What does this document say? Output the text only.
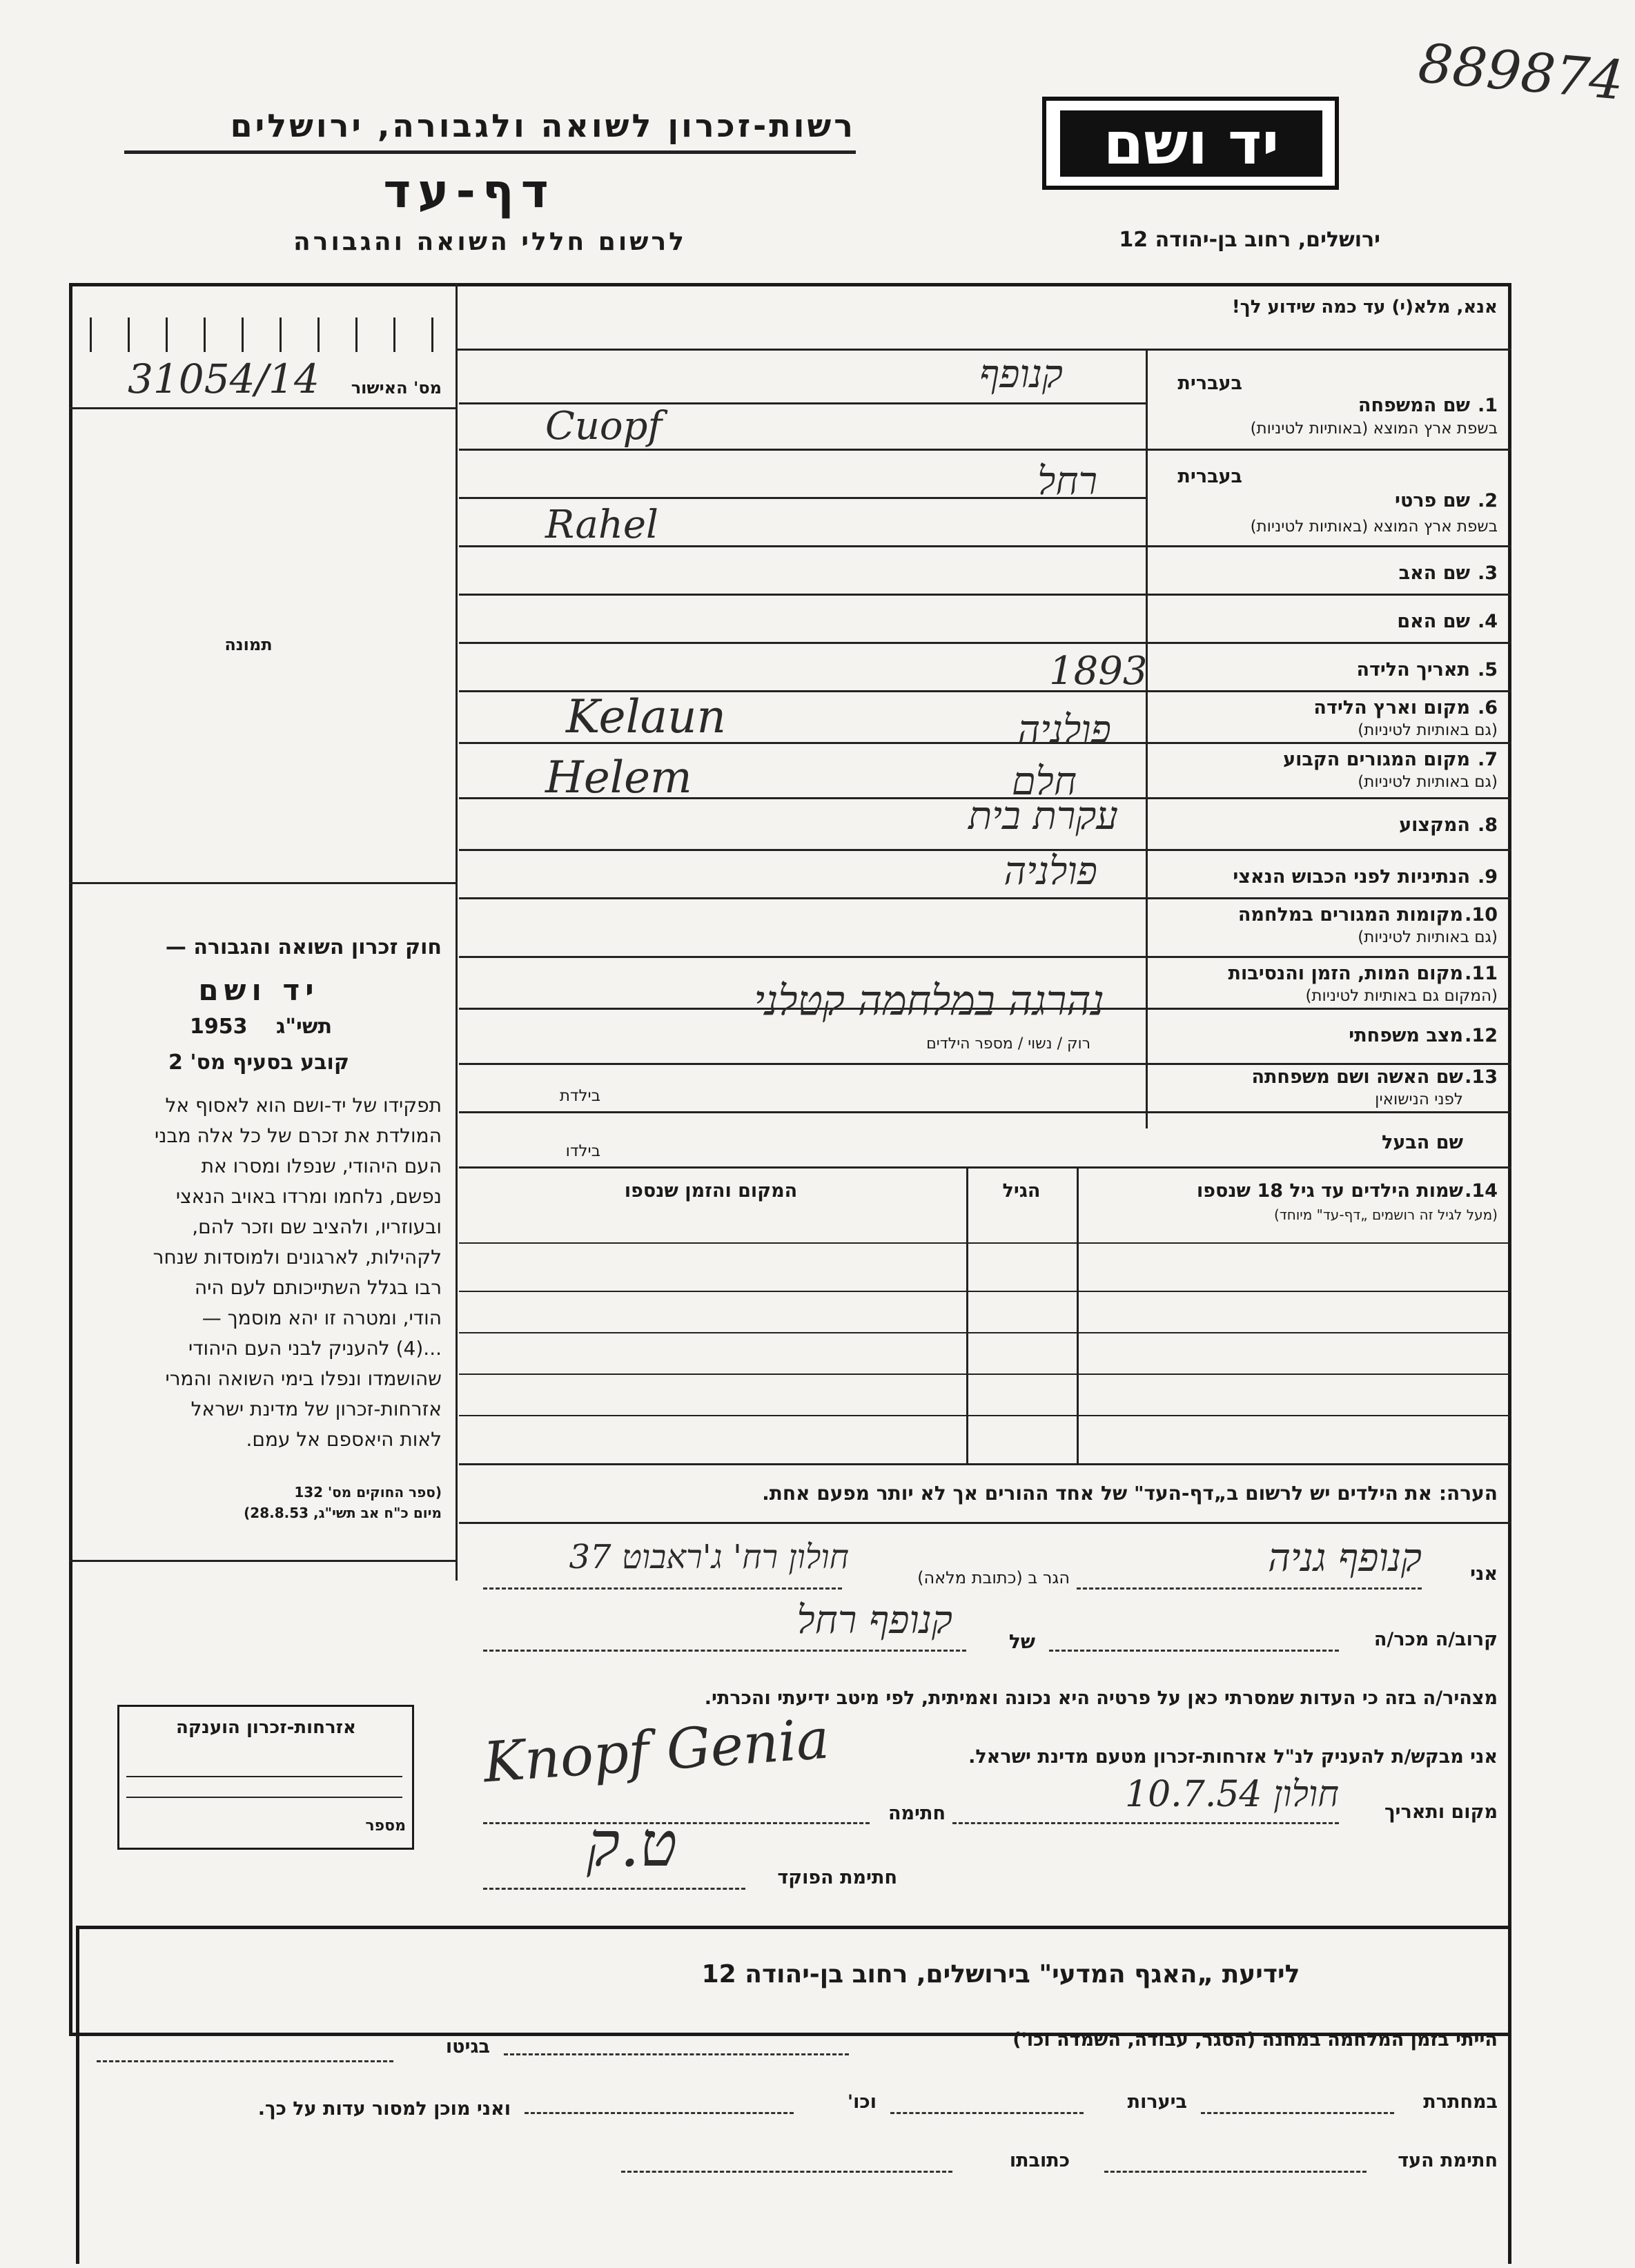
889874
רשות-זכרון לשואה ולגבורה, ירושלים
דף-עד
לרשום חללי השואה והגבורה
יד ושם
ירושלים, רחוב בן-יהודה 12
אנא, מלא(י) עד כמה שידוע לך!
31054/14	מס' האישור
תמונה
חוק זכרון השואה והגבורה —
יד ושם
1953 תשי"ג
קובע בסעיף מס' 2

תפקידו של יד-ושם הוא לאסוף אל

המולדת את זכרם של כל אלה מבני

העם היהודי, שנפלו ומסרו את

נפשם, נלחמו ומרדו באויב הנאצי

ובעוזריו, ולהציב שם וזכר להם,

לקהילות, לארגונים ולמוסדות שנחר

רבו בגלל השתייכותם לעם היה

הודי, ומטרה זו יהא מוסמך —

...(4) להעניק לבני העם היהודי

שהושמדו ונפלו בימי השואה והמרי

אזרחות-זכרון של מדינת ישראל

לאות היאספם אל עמם.

(ספר החוקים מס' 132
מיום כ"ח אב תשי"ג, 28.8.53)
אזרחות-זכרון הוענקה
מספר
בעברית
1.
שם המשפחה
בשפת ארץ המוצא (באותיות לטיניות)
קנופף
Cuopf
בעברית
2.
שם פרטי
בשפת ארץ המוצא (באותיות לטיניות)
רחל
Rahel
3.
שם האב
4.
שם האם
5.
תאריך הלידה
1893
6.
מקום וארץ הלידה
(גם באותיות לטיניות)
פולניה
Kelaun
7.
מקום המגורים הקבוע
(גם באותיות לטיניות)
חלם
Helem
8.
המקצוע
עקרת בית
9.
הנתיניות לפני הכבוש הנאצי
פולניה
10.
מקומות המגורים במלחמה
(גם באותיות לטיניות)
11.
מקום המות, הזמן והנסיבות
(המקום גם באותיות לטיניות)
נהרגה במלחמה קטלני
12.
מצב משפחתי
רוק / נשוי / מספר הילדים
13.
שם האשה ושם משפחתה
לפני הנישואין
בילדת
שם הבעל
בילדו
14.
שמות הילדים עד גיל 18 שנספו
(מעל לגיל זה רושמים „דף-עד" מיוחד)
הגיל
המקום והזמן שנספו
הערה: את הילדים יש לרשום ב„דף-העד" של אחד ההורים אך לא יותר מפעם אחת.
אני
קנופף גניה
הגר ב (כתובת מלאה)
חולון רח' ג'ראבוט 37
קרוב/ה מכר/ה
של
קנופף רחל
מצהיר/ה בזה כי העדות שמסרתי כאן על פרטיה היא נכונה ואמיתית, לפי מיטב ידיעתי והכרתי.
אני מבקש/ת להעניק לנ"ל אזרחות-זכרון מטעם מדינת ישראל.
מקום ותאריך
חולון 10.7.54
Knopf Genia
חתימה
ט.ק	חתימת הפוקד
לידיעת „האגף המדעי" בירושלים, רחוב בן-יהודה 12
הייתי בזמן המלחמה במחנה (הסגר, עבודה, השמדה וכו')
בגיטו
במחתרת
ביערות
וכו'
ואני מוכן למסור עדות על כך.
חתימת העד
כתובתו
